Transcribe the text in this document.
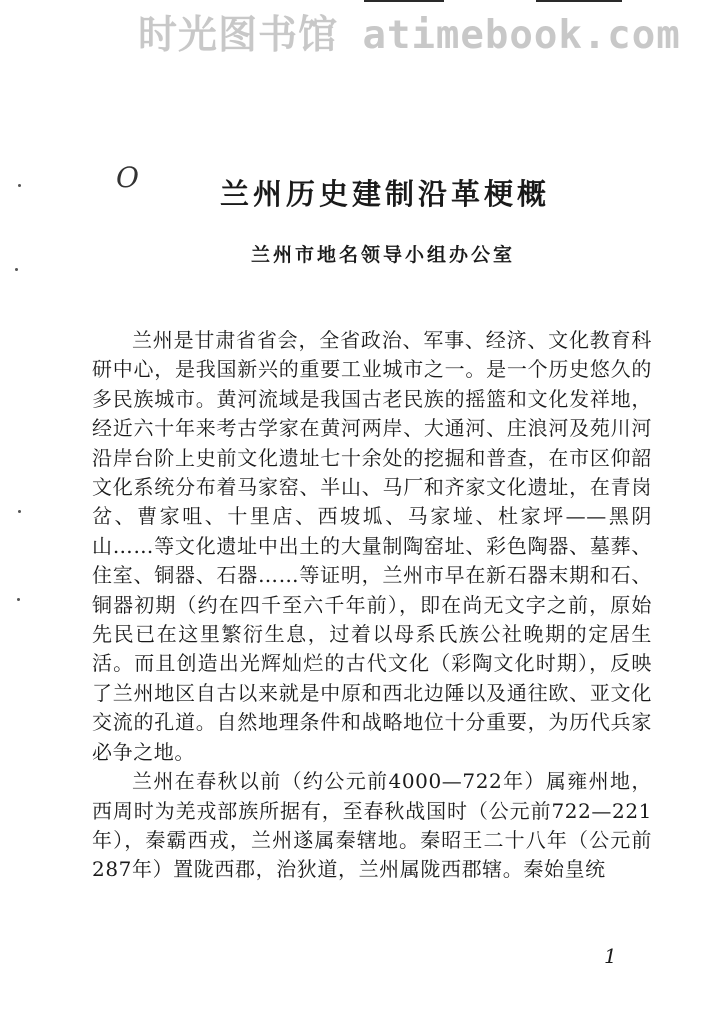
时光图书馆 atimebook.com
O	兰州历史建制沿革梗概
兰州市地名领导小组办公室

兰州是甘肃省省会，全省政治、军事、经济、文化教育科研中心，是我国新兴的重要工业城市之一。是一个历史悠久的多民族城市。黄河流域是我国古老民族的摇篮和文化发祥地，经近六十年来考古学家在黄河两岸、大通河、庄浪河及苑川河沿岸台阶上史前文化遗址七十余处的挖掘和普查，在市区仰韶文化系统分布着马家窑、半山、马厂和齐家文化遗址，在青岗岔、曹家咀、十里店、西坡坬、马家𡌶、杜家坪——黑阴山……等文化遗址中出土的大量制陶窑址、彩色陶器、墓葬、住室、铜器、石器……等证明，兰州市早在新石器末期和石、铜器初期（约在四千至六千年前），即在尚无文字之前，原始先民已在这里繁衍生息，过着以母系氏族公社晚期的定居生活。而且创造出光辉灿烂的古代文化（彩陶文化时期），反映了兰州地区自古以来就是中原和西北边陲以及通往欧、亚文化交流的孔道。自然地理条件和战略地位十分重要，为历代兵家必争之地。

兰州在春秋以前（约公元前4000—722年）属雍州地，西周时为羌戎部族所据有，至春秋战国时（公元前722—221年），秦霸西戎，兰州遂属秦辖地。秦昭王二十八年（公元前287年）置陇西郡，治狄道，兰州属陇西郡辖。秦始皇统

1
